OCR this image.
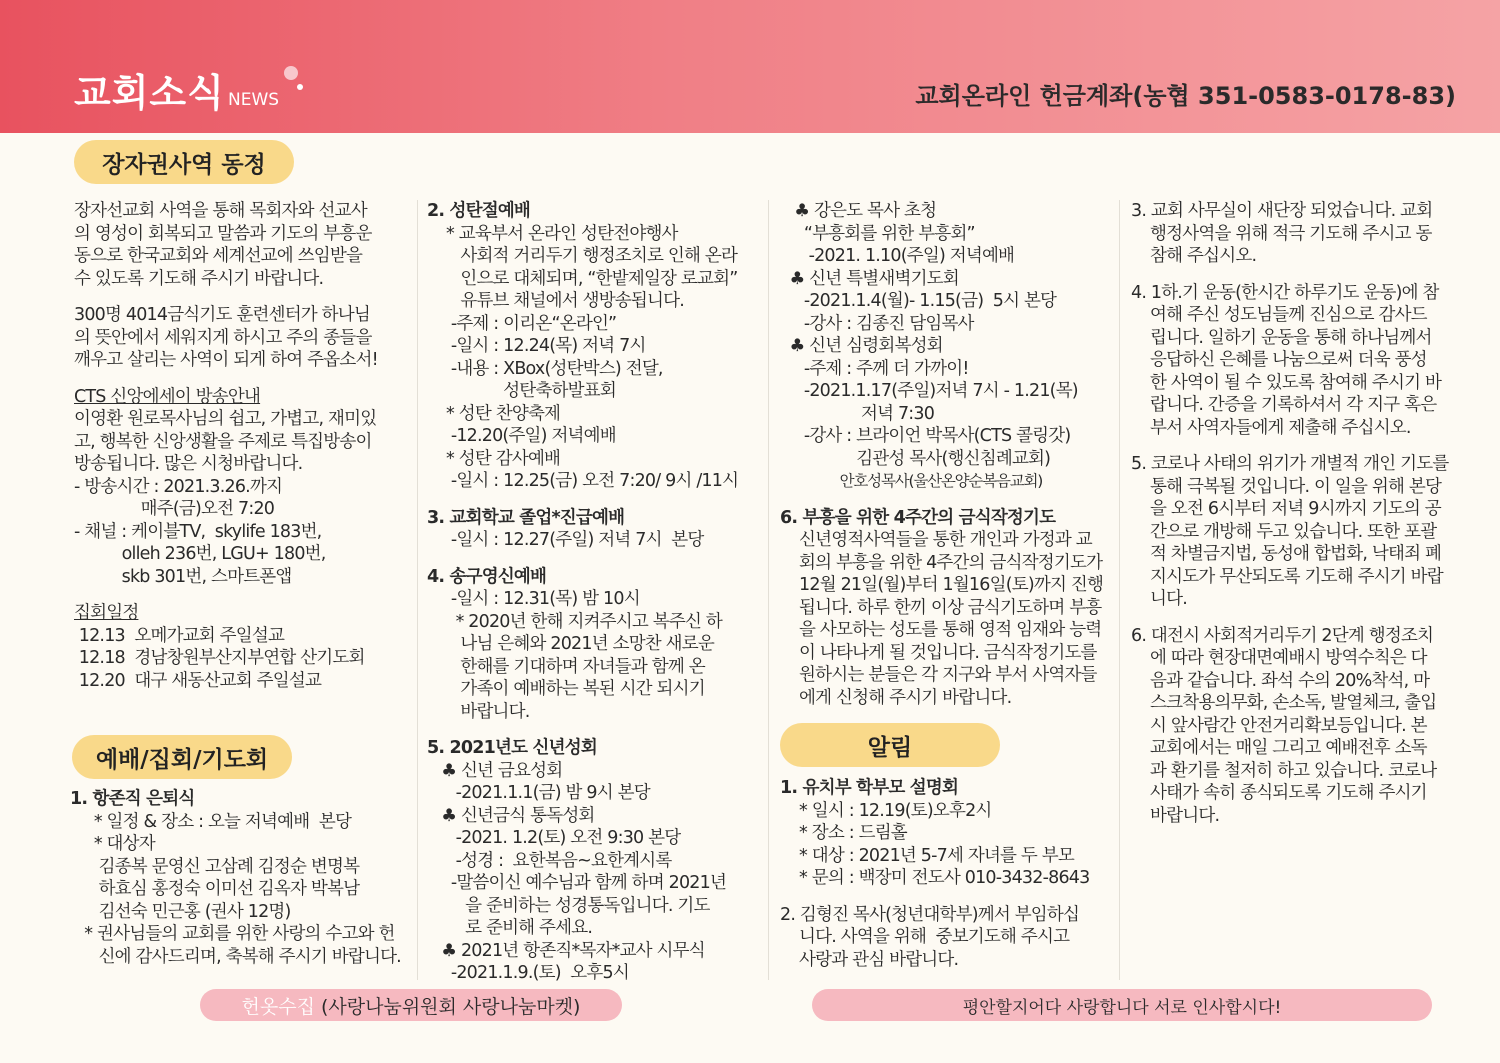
교회소식 NEWS	교회온라인 헌금계좌(농협 351-0583-0178-83)
장자권사역 동정
예배/집회/기도회	알림

장자선교회 사역을 통해 목회자와 선교사

의 영성이 회복되고 말씀과 기도의 부흥운

동으로 한국교회와 세계선교에 쓰임받을

수 있도록 기도해 주시기 바랍니다.

300명 4014금식기도 훈련센터가 하나님

의 뜻안에서 세워지게 하시고 주의 종들을

깨우고 살리는 사역이 되게 하여 주옵소서!

CTS 신앙에세이 방송안내

이영환 원로목사님의 쉽고, 가볍고, 재미있

고, 행복한 신앙생활을 주제로 특집방송이

방송됩니다. 많은 시청바랍니다.

- 방송시간 : 2021.3.26.까지

매주(금)오전 7:20

- 채널 : 케이블TV,  skylife 183번,

olleh 236번, LGU+ 180번,

skb 301번, 스마트폰앱

집회일정

12.13  오메가교회 주일설교

12.18  경남창원부산지부연합 산기도회

12.20  대구 새동산교회 주일설교

1. 항존직 은퇴식

* 일정 & 장소 : 오늘 저녁예배  본당

* 대상자

김종복 문영신 고삼례 김정순 변명복

하효심 홍정숙 이미선 김옥자 박복남

김선숙 민근홍 (권사 12명)

* 권사님들의 교회를 위한 사랑의 수고와 헌

신에 감사드리며, 축복해 주시기 바랍니다.

2. 성탄절예배

* 교육부서 온라인 성탄전야행사

사회적 거리두기 행정조치로 인해 온라

인으로 대체되며, “한밭제일장 로교회”

유튜브 채널에서 생방송됩니다.

-주제 : 이리온“온라인”

-일시 : 12.24(목) 저녁 7시

-내용 : XBox(성탄박스) 전달,

성탄축하발표회

* 성탄 찬양축제

-12.20(주일) 저녁예배

* 성탄 감사예배

-일시 : 12.25(금) 오전 7:20/ 9시 /11시

3. 교회학교 졸업*진급예배

-일시 : 12.27(주일) 저녁 7시  본당

4. 송구영신예배

-일시 : 12.31(목) 밤 10시

* 2020년 한해 지켜주시고 복주신 하

나님 은혜와 2021년 소망찬 새로운

한해를 기대하며 자녀들과 함께 온

가족이 예배하는 복된 시간 되시기

바랍니다.

5. 2021년도 신년성회

♣ 신년 금요성회

-2021.1.1(금) 밤 9시 본당

♣ 신년금식 통독성회

-2021. 1.2(토) 오전 9:30 본당

-성경 :  요한복음~요한계시록

-말씀이신 예수님과 함께 하며 2021년

을 준비하는 성경통독입니다. 기도

로 준비해 주세요.

♣ 2021년 항존직*목자*교사 시무식

-2021.1.9.(토)  오후5시

♣ 강은도 목사 초청

“부흥회를 위한 부흥회”

-2021. 1.10(주일) 저녁예배

♣ 신년 특별새벽기도회

-2021.1.4(월)- 1.15(금)  5시 본당

-강사 : 김종진 담임목사

♣ 신년 심령회복성회

-주제 : 주께 더 가까이!

-2021.1.17(주일)저녁 7시 - 1.21(목)

저녁 7:30

-강사 : 브라이언 박목사(CTS 콜링갓)

김관성 목사(행신침례교회)

안호성목사(울산온양순복음교회)

6. 부흥을 위한 4주간의 금식작정기도

신년영적사역들을 통한 개인과 가정과 교

회의 부흥을 위한 4주간의 금식작정기도가

12월 21일(월)부터 1월16일(토)까지 진행

됩니다. 하루 한끼 이상 금식기도하며 부흥

을 사모하는 성도를 통해 영적 임재와 능력

이 나타나게 될 것입니다. 금식작정기도를

원하시는 분들은 각 지구와 부서 사역자들

에게 신청해 주시기 바랍니다.

1. 유치부 학부모 설명회

* 일시 : 12.19(토)오후2시

* 장소 : 드림홀

* 대상 : 2021년 5-7세 자녀를 두 부모

* 문의 : 백장미 전도사 010-3432-8643

2. 김형진 목사(청년대학부)께서 부임하십

니다. 사역을 위해  중보기도해 주시고

사랑과 관심 바랍니다.

3. 교회 사무실이 새단장 되었습니다. 교회

행정사역을 위해 적극 기도해 주시고 동

참해 주십시오.

4. 1하.기 운동(한시간 하루기도 운동)에 참

여해 주신 성도님들께 진심으로 감사드

립니다. 일하기 운동을 통해 하나님께서

응답하신 은혜를 나눔으로써 더욱 풍성

한 사역이 될 수 있도록 참여해 주시기 바

랍니다. 간증을 기록하셔서 각 지구 혹은

부서 사역자들에게 제출해 주십시오.

5. 코로나 사태의 위기가 개별적 개인 기도를

통해 극복될 것입니다. 이 일을 위해 본당

을 오전 6시부터 저녁 9시까지 기도의 공

간으로 개방해 두고 있습니다. 또한 포괄

적 차별금지법, 동성애 합법화, 낙태죄 폐

지시도가 무산되도록 기도해 주시기 바랍

니다.

6. 대전시 사회적거리두기 2단계 행정조치

에 따라 현장대면예배시 방역수칙은 다

음과 같습니다. 좌석 수의 20%착석, 마

스크착용의무화, 손소독, 발열체크, 출입

시 앞사람간 안전거리확보등입니다. 본

교회에서는 매일 그리고 예배전후 소독

과 환기를 철저히 하고 있습니다. 코로나

사태가 속히 종식되도록 기도해 주시기

바랍니다.

헌옷수집 (사랑나눔위원회 사랑나눔마켓)	평안할지어다 사랑합니다 서로 인사합시다!
